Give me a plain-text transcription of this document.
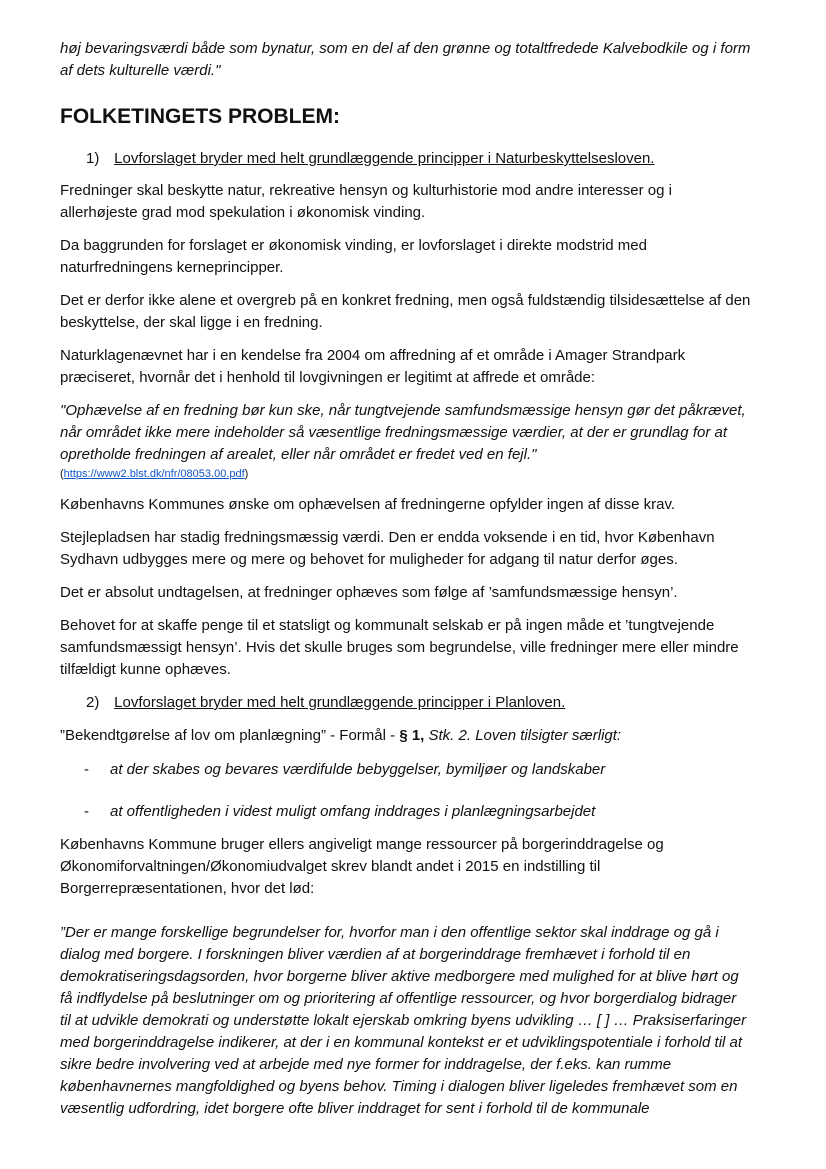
høj bevaringsværdi både som bynatur, som en del af den grønne og totaltfredede Kalvebodkile og i form
af dets kulturelle værdi."

FOLKETINGETS PROBLEM:

1) Lovforslaget bryder med helt grundlæggende principper i Naturbeskyttelsesloven.

Fredninger skal beskytte natur, rekreative hensyn og kulturhistorie mod andre interesser og i
allerhøjeste grad mod spekulation i økonomisk vinding.

Da baggrunden for forslaget er økonomisk vinding, er lovforslaget i direkte modstrid med
naturfredningens kerneprincipper.

Det er derfor ikke alene et overgreb på en konkret fredning, men også fuldstændig tilsidesættelse af den
beskyttelse, der skal ligge i en fredning.

Naturklagenævnet har i en kendelse fra 2004 om affredning af et område i Amager Strandpark
præciseret, hvornår det i henhold til lovgivningen er legitimt at affrede et område:

"Ophævelse af en fredning bør kun ske, når tungtvejende samfundsmæssige hensyn gør det påkrævet,
når området ikke mere indeholder så væsentlige fredningsmæssige værdier, at der er grundlag for at
opretholde fredningen af arealet, eller når området er fredet ved en fejl."

(https://www2.blst.dk/nfr/08053.00.pdf)

Københavns Kommunes ønske om ophævelsen af fredningerne opfylder ingen af disse krav.

Stejlepladsen har stadig fredningsmæssig værdi. Den er endda voksende i en tid, hvor København
Sydhavn udbygges mere og mere og behovet for muligheder for adgang til natur derfor øges.

Det er absolut undtagelsen, at fredninger ophæves som følge af ’samfundsmæssige hensyn’.

Behovet for at skaffe penge til et statsligt og kommunalt selskab er på ingen måde et ’tungtvejende
samfundsmæssigt hensyn’. Hvis det skulle bruges som begrundelse, ville fredninger mere eller mindre
tilfældigt kunne ophæves.

2) Lovforslaget bryder med helt grundlæggende principper i Planloven.

”Bekendtgørelse af lov om planlægning” - Formål - § 1, Stk. 2. Loven tilsigter særligt:

- at der skabes og bevares værdifulde bebyggelser, bymiljøer og landskaber

- at offentligheden i videst muligt omfang inddrages i planlægningsarbejdet

Københavns Kommune bruger ellers angiveligt mange ressourcer på borgerinddragelse og
Økonomiforvaltningen/Økonomiudvalget skrev blandt andet i 2015 en indstilling til
Borgerrepræsentationen, hvor det lød:

”Der er mange forskellige begrundelser for, hvorfor man i den offentlige sektor skal inddrage og gå i
dialog med borgere. I forskningen bliver værdien af at borgerinddrage fremhævet i forhold til en
demokratiseringsdagsorden, hvor borgerne bliver aktive medborgere med mulighed for at blive hørt og
få indflydelse på beslutninger om og prioritering af offentlige ressourcer, og hvor borgerdialog bidrager
til at udvikle demokrati og understøtte lokalt ejerskab omkring byens udvikling … [ ] … Praksiserfaringer
med borgerinddragelse indikerer, at der i en kommunal kontekst er et udviklingspotentiale i forhold til at
sikre bedre involvering ved at arbejde med nye former for inddragelse, der f.eks. kan rumme
københavnernes mangfoldighed og byens behov. Timing i dialogen bliver ligeledes fremhævet som en
væsentlig udfordring, idet borgere ofte bliver inddraget for sent i forhold til de kommunale
